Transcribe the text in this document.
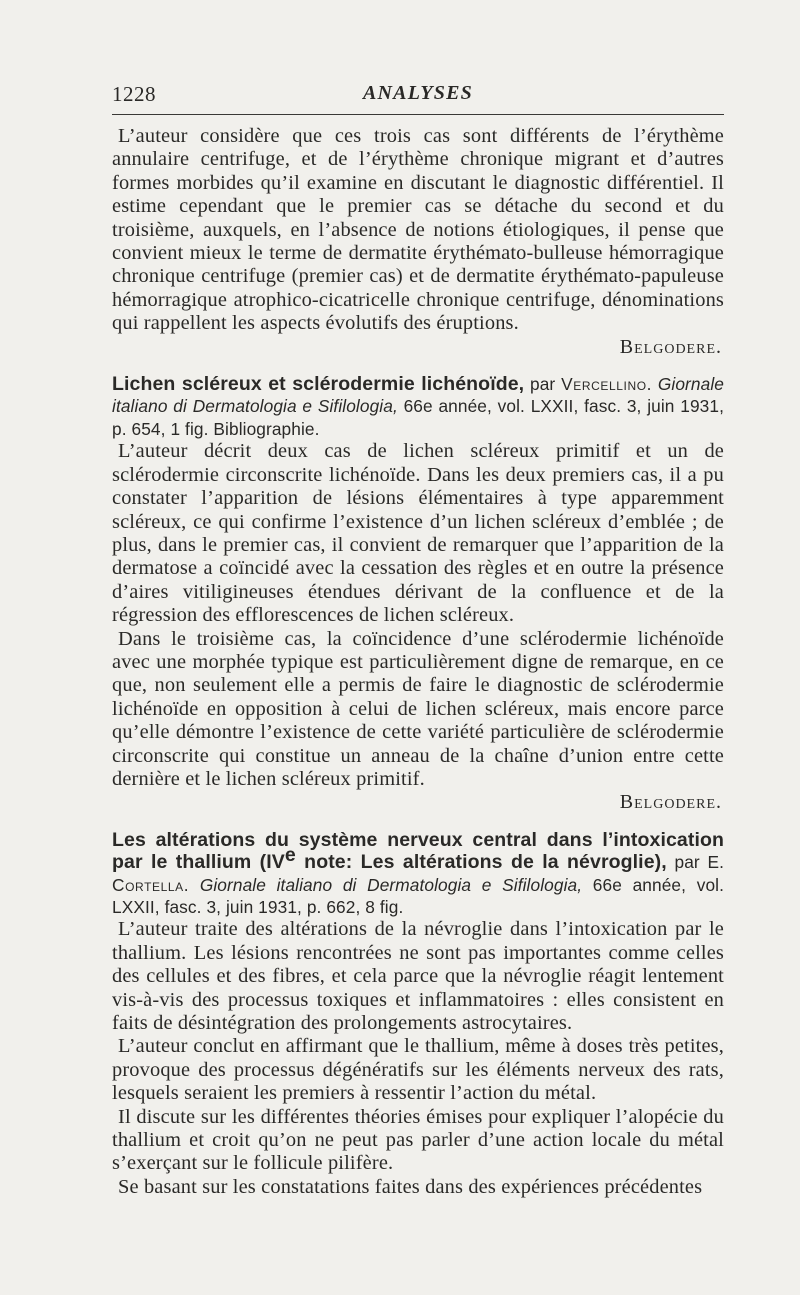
1228	ANALYSES

L’auteur considère que ces trois cas sont différents de l’érythème annulaire centrifuge, et de l’érythème chronique migrant et d’autres formes morbides qu’il examine en discutant le diagnostic différentiel. Il estime cependant que le premier cas se détache du second et du troisième, auxquels, en l’absence de notions étiologiques, il pense que convient mieux le terme de dermatite érythémato-bulleuse hémorragique chronique centrifuge (premier cas) et de dermatite érythémato-papuleuse hémorragique atrophico-cicatricelle chronique centrifuge, dénominations qui rappellent les aspects évolutifs des éruptions.

Belgodere.
Lichen scléreux et sclérodermie lichénoïde, par Vercellino. Giornale italiano di Dermatologia e Sifilologia, 66e année, vol. LXXII, fasc. 3, juin 1931, p. 654, 1 fig. Bibliographie.

L’auteur décrit deux cas de lichen scléreux primitif et un de sclérodermie circonscrite lichénoïde. Dans les deux premiers cas, il a pu constater l’apparition de lésions élémentaires à type apparemment scléreux, ce qui confirme l’existence d’un lichen scléreux d’emblée ; de plus, dans le premier cas, il convient de remarquer que l’apparition de la dermatose a coïncidé avec la cessation des règles et en outre la présence d’aires vitiligineuses étendues dérivant de la confluence et de la régression des efflorescences de lichen scléreux.

Dans le troisième cas, la coïncidence d’une sclérodermie lichénoïde avec une morphée typique est particulièrement digne de remarque, en ce que, non seulement elle a permis de faire le diagnostic de sclérodermie lichénoïde en opposition à celui de lichen scléreux, mais encore parce qu’elle démontre l’existence de cette variété particulière de sclérodermie circonscrite qui constitue un anneau de la chaîne d’union entre cette dernière et le lichen scléreux primitif.

Belgodere.
Les altérations du système nerveux central dans l’intoxication par le thallium (IVe note: Les altérations de la névroglie), par E. Cortella. Giornale italiano di Dermatologia e Sifilologia, 66e année, vol. LXXII, fasc. 3, juin 1931, p. 662, 8 fig.

L’auteur traite des altérations de la névroglie dans l’intoxication par le thallium. Les lésions rencontrées ne sont pas importantes comme celles des cellules et des fibres, et cela parce que la névroglie réagit lentement vis-à-vis des processus toxiques et inflammatoires : elles consistent en faits de désintégration des prolongements astrocytaires.

L’auteur conclut en affirmant que le thallium, même à doses très petites, provoque des processus dégénératifs sur les éléments nerveux des rats, lesquels seraient les premiers à ressentir l’action du métal.

Il discute sur les différentes théories émises pour expliquer l’alopécie du thallium et croit qu’on ne peut pas parler d’une action locale du métal s’exerçant sur le follicule pilifère.

Se basant sur les constatations faites dans des expériences précédentes
